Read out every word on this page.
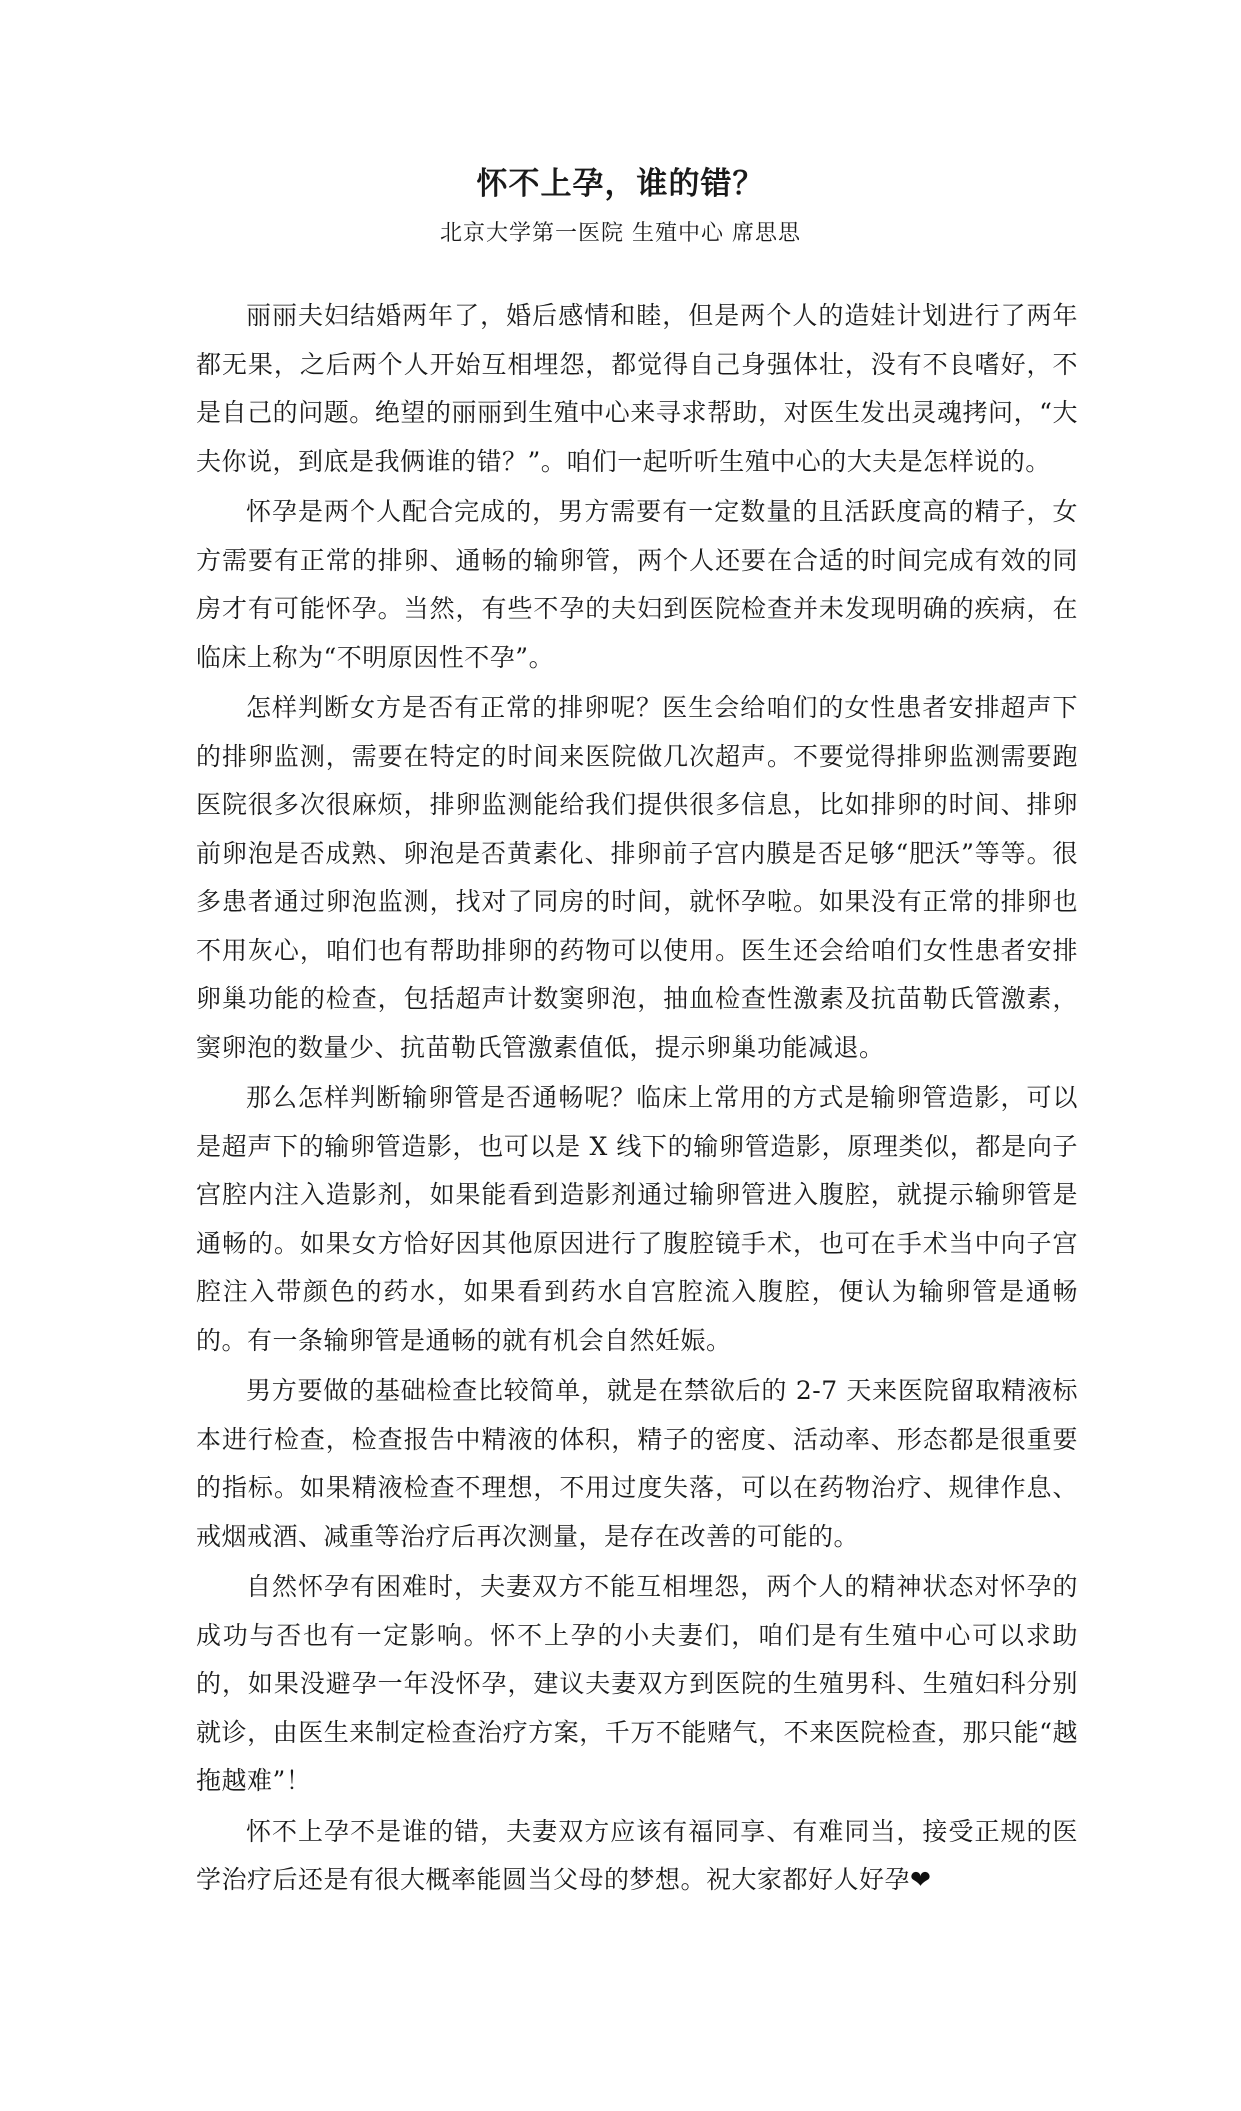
怀不上孕，谁的错？

北京大学第一医院 生殖中心 席思思

丽丽夫妇结婚两年了，婚后感情和睦，但是两个人的造娃计划进行了两年都无果，之后两个人开始互相埋怨，都觉得自己身强体壮，没有不良嗜好，不是自己的问题。绝望的丽丽到生殖中心来寻求帮助，对医生发出灵魂拷问，“大夫你说，到底是我俩谁的错？”。咱们一起听听生殖中心的大夫是怎样说的。

怀孕是两个人配合完成的，男方需要有一定数量的且活跃度高的精子，女方需要有正常的排卵、通畅的输卵管，两个人还要在合适的时间完成有效的同房才有可能怀孕。当然，有些不孕的夫妇到医院检查并未发现明确的疾病，在临床上称为“不明原因性不孕”。

怎样判断女方是否有正常的排卵呢？医生会给咱们的女性患者安排超声下的排卵监测，需要在特定的时间来医院做几次超声。不要觉得排卵监测需要跑医院很多次很麻烦，排卵监测能给我们提供很多信息，比如排卵的时间、排卵前卵泡是否成熟、卵泡是否黄素化、排卵前子宫内膜是否足够“肥沃”等等。很多患者通过卵泡监测，找对了同房的时间，就怀孕啦。如果没有正常的排卵也不用灰心，咱们也有帮助排卵的药物可以使用。医生还会给咱们女性患者安排卵巢功能的检查，包括超声计数窦卵泡，抽血检查性激素及抗苗勒氏管激素，窦卵泡的数量少、抗苗勒氏管激素值低，提示卵巢功能减退。

那么怎样判断输卵管是否通畅呢？临床上常用的方式是输卵管造影，可以是超声下的输卵管造影，也可以是 X 线下的输卵管造影，原理类似，都是向子宫腔内注入造影剂，如果能看到造影剂通过输卵管进入腹腔，就提示输卵管是通畅的。如果女方恰好因其他原因进行了腹腔镜手术，也可在手术当中向子宫腔注入带颜色的药水，如果看到药水自宫腔流入腹腔，便认为输卵管是通畅的。有一条输卵管是通畅的就有机会自然妊娠。

男方要做的基础检查比较简单，就是在禁欲后的 2-7 天来医院留取精液标本进行检查，检查报告中精液的体积，精子的密度、活动率、形态都是很重要的指标。如果精液检查不理想，不用过度失落，可以在药物治疗、规律作息、戒烟戒酒、减重等治疗后再次测量，是存在改善的可能的。

自然怀孕有困难时，夫妻双方不能互相埋怨，两个人的精神状态对怀孕的成功与否也有一定影响。怀不上孕的小夫妻们，咱们是有生殖中心可以求助的，如果没避孕一年没怀孕，建议夫妻双方到医院的生殖男科、生殖妇科分别就诊，由医生来制定检查治疗方案，千万不能赌气，不来医院检查，那只能“越拖越难”！

怀不上孕不是谁的错，夫妻双方应该有福同享、有难同当，接受正规的医学治疗后还是有很大概率能圆当父母的梦想。祝大家都好人好孕❤
